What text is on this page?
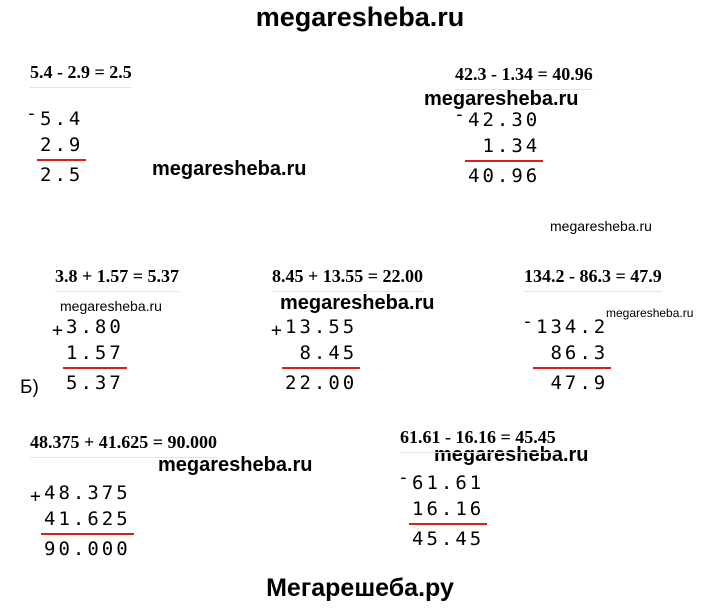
megaresheba.ru
Мегарешеба.ру
megaresheba.ru
megaresheba.ru
megaresheba.ru
megaresheba.ru	megaresheba.ru	megaresheba.ru
megaresheba.ru	megaresheba.ru
Б)
5.4 - 2.9 = 2.5
- 5.4
2.9
2.5
42.3 - 1.34 = 40.96
- 42.30
1.34
40.96
3.8 + 1.57 = 5.37
+ 3.80
1.57
5.37
8.45 + 13.55 = 22.00
+ 13.55
8.45
22.00
134.2 - 86.3 = 47.9
- 134.2
86.3
47.9
48.375 + 41.625 = 90.000
+ 48.375
41.625
90.000
61.61 - 16.16 = 45.45
- 61.61
16.16
45.45
